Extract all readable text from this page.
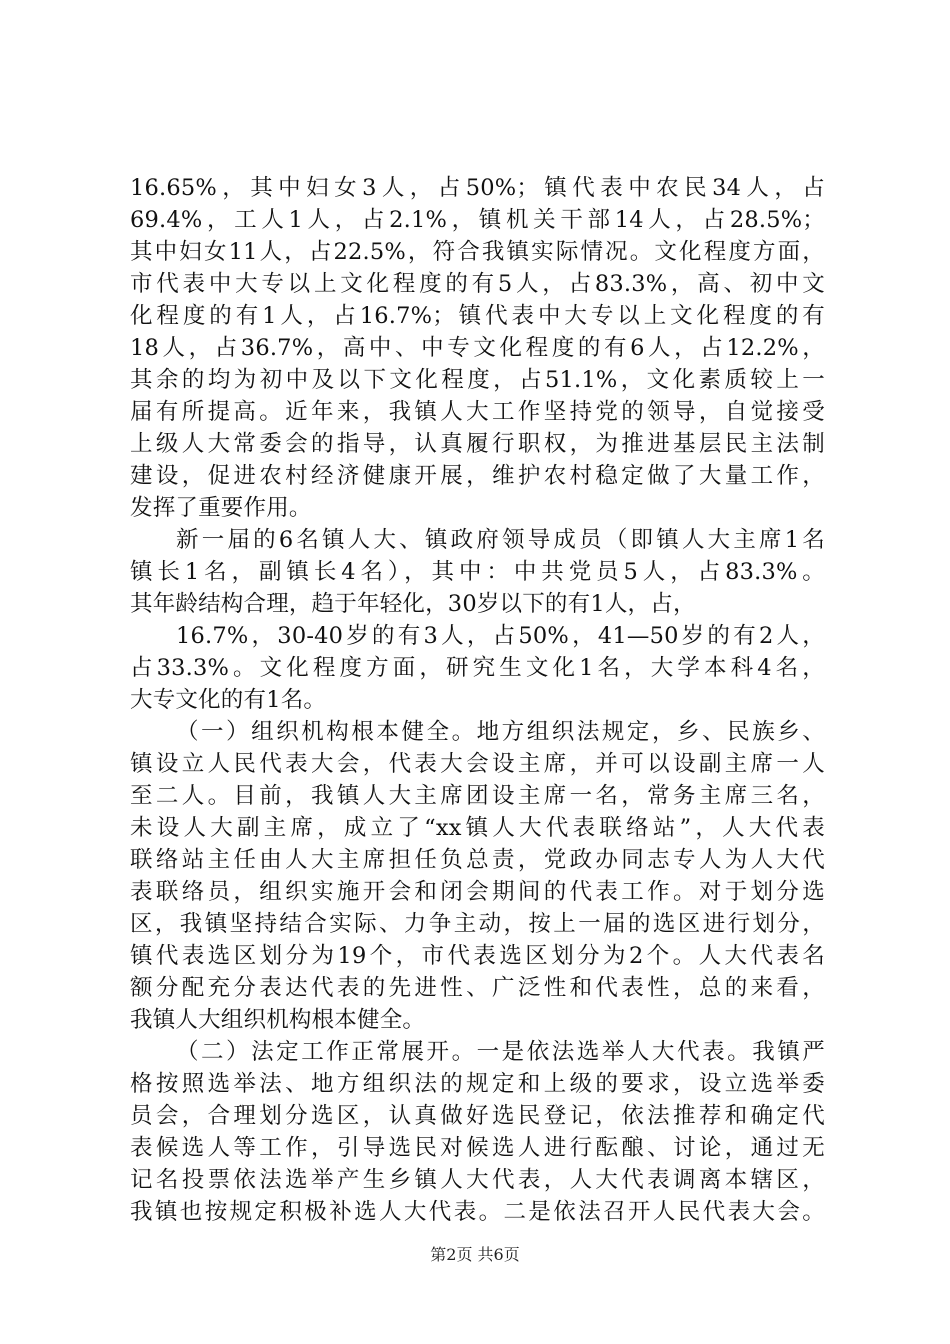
16.65%，其中妇女3人，占50%；镇代表中农民34人，占
69.4%，工人1人，占2.1%，镇机关干部14人，占28.5%；
其中妇女11人，占22.5%，符合我镇实际情况。文化程度方面，
市代表中大专以上文化程度的有5人，占83.3%，高、初中文
化程度的有1人，占16.7%；镇代表中大专以上文化程度的有
18人，占36.7%，高中、中专文化程度的有6人，占12.2%，
其余的均为初中及以下文化程度，占51.1%，文化素质较上一
届有所提高。近年来，我镇人大工作坚持党的领导，自觉接受
上级人大常委会的指导，认真履行职权，为推进基层民主法制
建设，促进农村经济健康开展，维护农村稳定做了大量工作，
发挥了重要作用。
新一届的6名镇人大、镇政府领导成员（即镇人大主席1名
镇长1名，副镇长4名），其中：中共党员5人，占83.3%。
其年龄结构合理，趋于年轻化，30岁以下的有1人，占，
16.7%，30-40岁的有3人，占50%，41—50岁的有2人，
占33.3%。文化程度方面，研究生文化1名，大学本科4名，
大专文化的有1名。
（一）组织机构根本健全。地方组织法规定，乡、民族乡、
镇设立人民代表大会，代表大会设主席，并可以设副主席一人
至二人。目前，我镇人大主席团设主席一名，常务主席三名，
未设人大副主席，成立了“xx镇人大代表联络站”，人大代表
联络站主任由人大主席担任负总责，党政办同志专人为人大代
表联络员，组织实施开会和闭会期间的代表工作。对于划分选
区，我镇坚持结合实际、力争主动，按上一届的选区进行划分，
镇代表选区划分为19个，市代表选区划分为2个。人大代表名
额分配充分表达代表的先进性、广泛性和代表性，总的来看，
我镇人大组织机构根本健全。
（二）法定工作正常展开。一是依法选举人大代表。我镇严
格按照选举法、地方组织法的规定和上级的要求，设立选举委
员会，合理划分选区，认真做好选民登记，依法推荐和确定代
表候选人等工作，引导选民对候选人进行酝酿、讨论，通过无
记名投票依法选举产生乡镇人大代表，人大代表调离本辖区，
我镇也按规定积极补选人大代表。二是依法召开人民代表大会。
第2页 共6页
